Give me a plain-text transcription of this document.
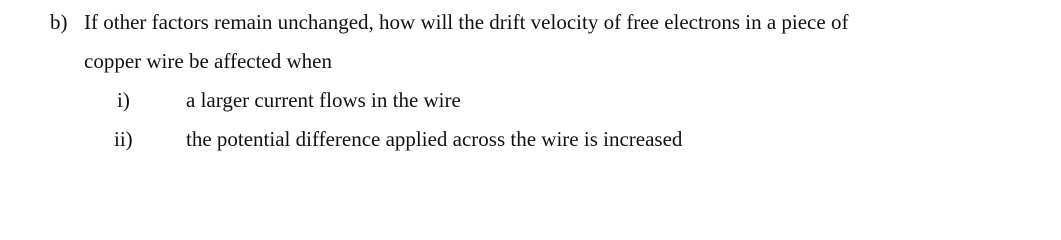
b) If other factors remain unchanged, how will the drift velocity of free electrons in a piece of
copper wire be affected when
i)	a larger current flows in the wire
ii)	the potential difference applied across the wire is increased
